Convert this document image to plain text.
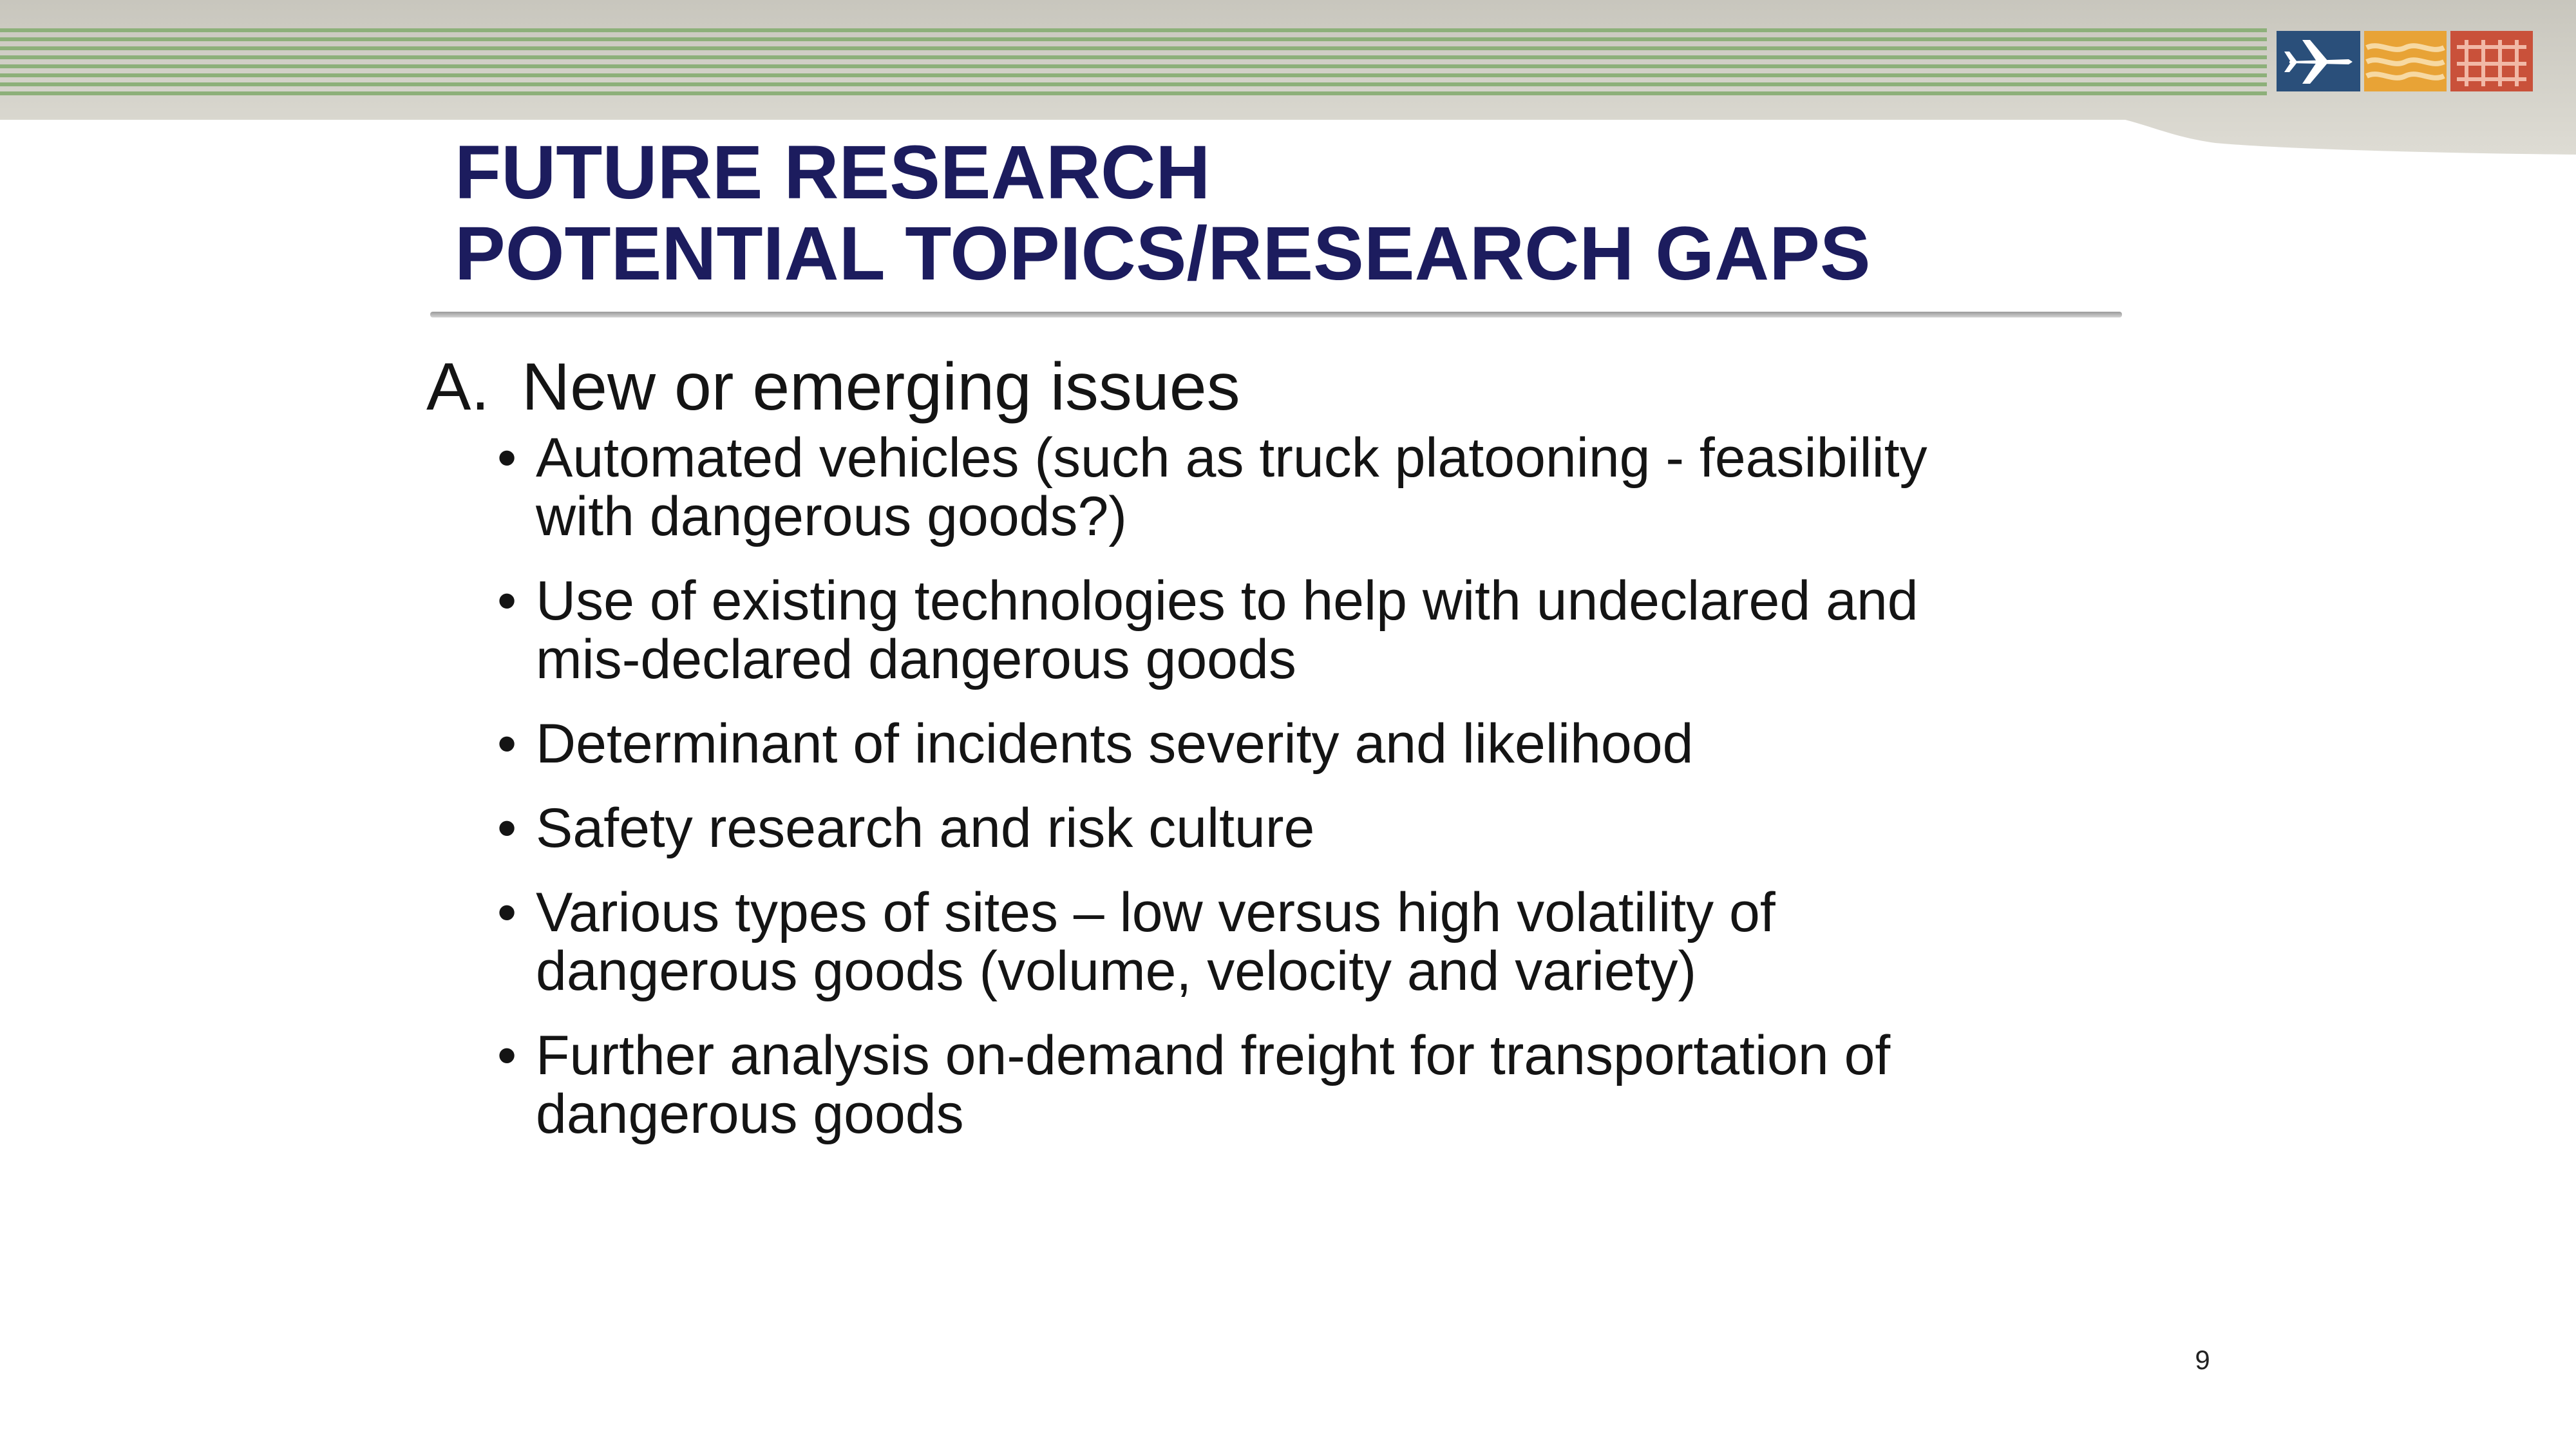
FUTURE RESEARCH
POTENTIAL TOPICS/RESEARCH GAPS
A. New or emerging issues
• Automated vehicles (such as truck platooning - feasibility with dangerous goods?)
• Use of existing technologies to help with undeclared and mis-declared dangerous goods
• Determinant of incidents severity and likelihood
• Safety research and risk culture
• Various types of sites – low versus high volatility of dangerous goods (volume, velocity and variety)
• Further analysis on-demand freight for transportation of dangerous goods
9
